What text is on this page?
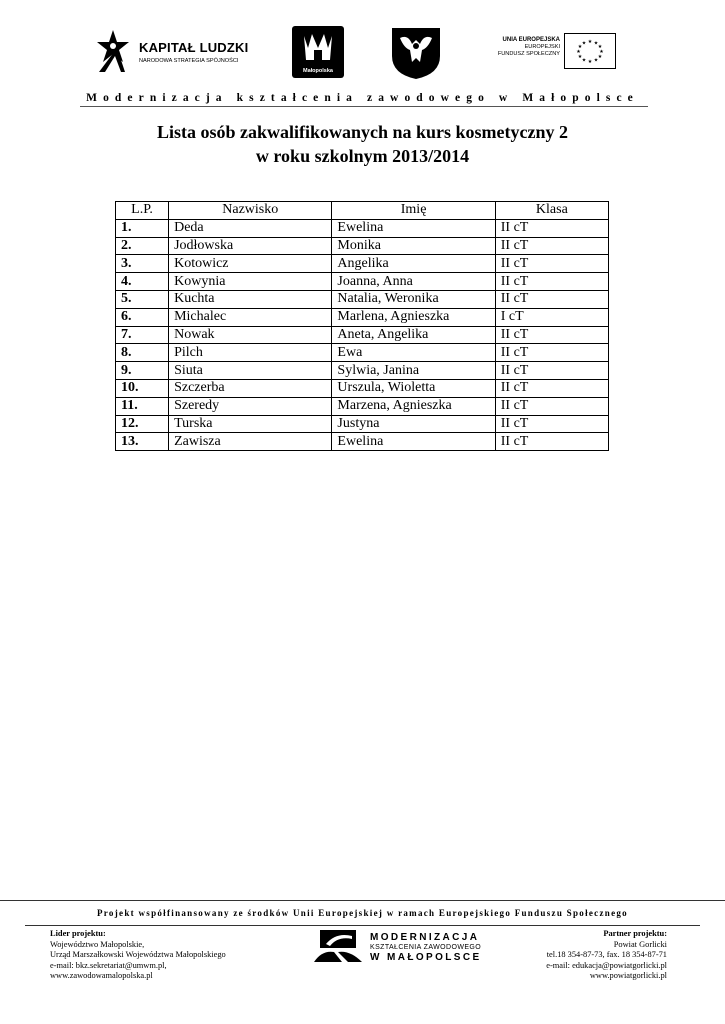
KAPITAŁ LUDZKI
NARODOWA STRATEGIA SPÓJNOŚCI
Małopolska
UNIA EUROPEJSKA
EUROPEJSKI
FUNDUSZ SPOŁECZNY
★ ★
★
★
★
★
★
★
★
★
★
★
Modernizacja kształcenia zawodowego w Małopolsce
Lista osób zakwalifikowanych na kurs kosmetyczny 2
w roku szkolnym 2013/2014
L.P.	Nazwisko	Imię	Klasa
1.	Deda	Ewelina	II cT
2.	Jodłowska	Monika	II cT
3.	Kotowicz	Angelika	II cT
4.	Kowynia	Joanna, Anna	II cT
5.	Kuchta	Natalia, Weronika	II cT
6.	Michalec	Marlena, Agnieszka	I cT
7.	Nowak	Aneta, Angelika	II cT
8.	Pilch	Ewa	II cT
9.	Siuta	Sylwia, Janina	II cT
10.	Szczerba	Urszula, Wioletta	II cT
11.	Szeredy	Marzena, Agnieszka	II cT
12.	Turska	Justyna	II cT
13.	Zawisza	Ewelina	II cT
Projekt współfinansowany ze środków Unii Europejskiej w ramach Europejskiego Funduszu Społecznego
Lider projektu:
Województwo Małopolskie,
Urząd Marszałkowski Województwa Małopolskiego
e-mail: bkz.sekretariat@umwm.pl,
www.zawodowamalopolska.pl
MODERNIZACJA
KSZTAŁCENIA ZAWODOWEGO
W MAŁOPOLSCE
Partner projektu:
Powiat Gorlicki
tel.18 354-87-73, fax. 18 354-87-71
e-mail: edukacja@powiatgorlicki.pl
www.powiatgorlicki.pl
